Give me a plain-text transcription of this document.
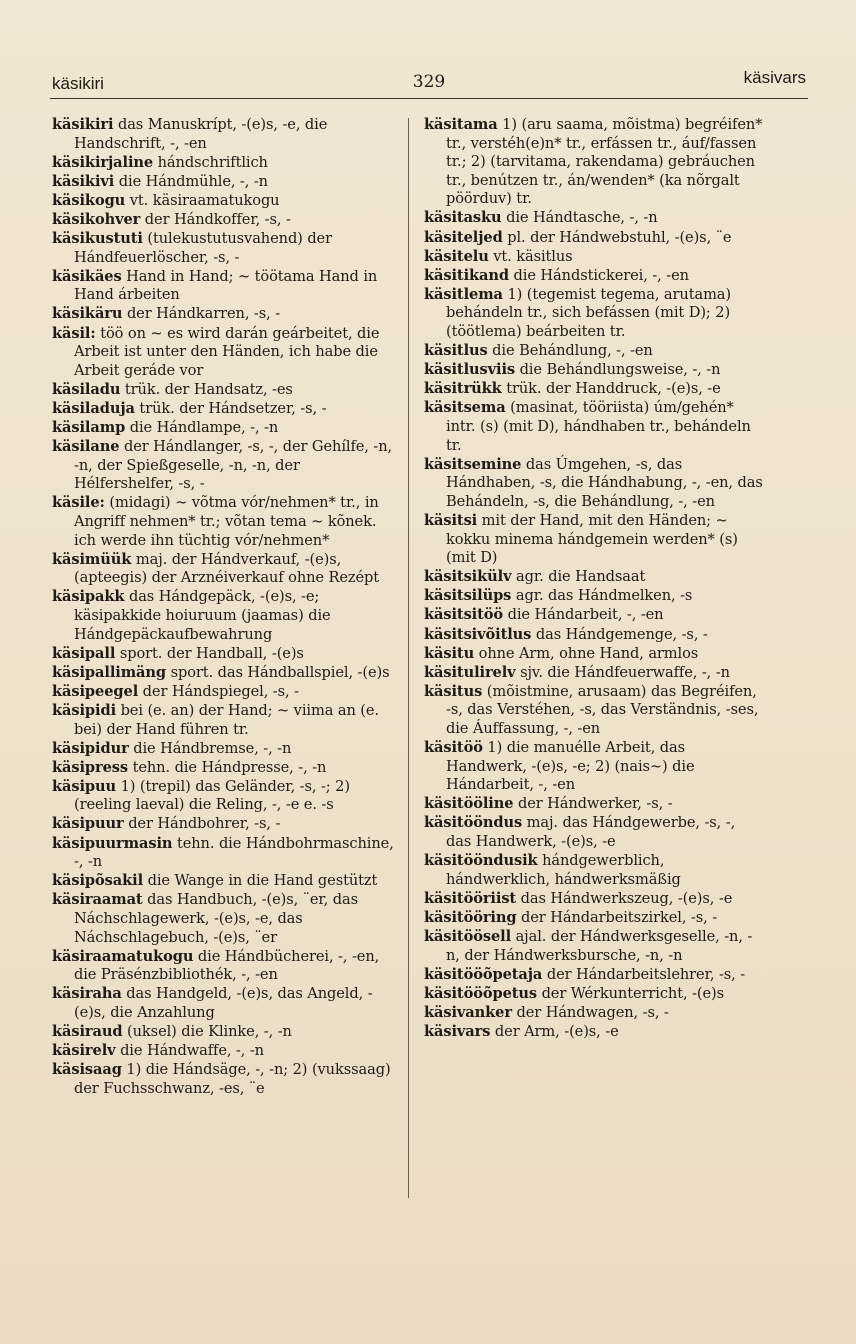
käsikiri	329	käsivars
käsikiri das Manuskrípt, -(e)s, -e, die Handschrift, -, -en
käsikirjaline hándschriftlich
käsikivi die Hándmühle, -, -n
käsikogu vt. käsiraamatukogu
käsikohver der Hándkoffer, -s, -
käsikustuti (tulekustutusvahend) der Hándfeuerlöscher, -s, -
käsikäes Hand in Hand; ~ töötama Hand in Hand árbeiten
käsikäru der Hándkarren, -s, -
käsil: töö on ~ es wird darán geárbeitet, die Arbeit ist unter den Händen, ich habe die Arbeit geráde vor
käsiladu trük. der Handsatz, -es
käsiladuja trük. der Hándsetzer, -s, -
käsilamp die Hándlampe, -, -n
käsilane der Hándlanger, -s, -, der Gehílfe, -n, -n, der Spießgeselle, -n, -n, der Hélfershelfer, -s, -
käsile: (midagi) ~ võtma vór/nehmen* tr., in Angriff nehmen* tr.; võtan tema ~ kõnek. ich werde ihn tüchtig vór/nehmen*
käsimüük maj. der Hándverkauf, -(e)s, (apteegis) der Arznéiverkauf ohne Rezépt
käsipakk das Hándgepäck, -(e)s, -e; käsipakkide hoiuruum (jaamas) die Hándgepäckaufbewahrung
käsipall sport. der Handball, -(e)s
käsipallimäng sport. das Hándballspiel, -(e)s
käsipeegel der Hándspiegel, -s, -
käsipidi bei (e. an) der Hand; ~ viima an (e. bei) der Hand führen tr.
käsipidur die Hándbremse, -, -n
käsipress tehn. die Hándpresse, -, -n
käsipuu 1) (trepil) das Geländer, -s, -; 2) (reeling laeval) die Reling, -, -e e. -s
käsipuur der Hándbohrer, -s, -
käsipuurmasin tehn. die Hándbohrmaschine, -, -n
käsipõsakil die Wange in die Hand gestützt
käsiraamat das Handbuch, -(e)s, ¨er, das Náchschlagewerk, -(e)s, -e, das Náchschlagebuch, -(e)s, ¨er
käsiraamatukogu die Hándbücherei, -, -en, die Präsénzbibliothék, -, -en
käsiraha das Handgeld, -(e)s, das Angeld, -(e)s, die Anzahlung
käsiraud (uksel) die Klinke, -, -n
käsirelv die Hándwaffe, -, -n
käsisaag 1) die Hándsäge, -, -n; 2) (vukssaag) der Fuchsschwanz, -es, ¨e
käsitama 1) (aru saama, mõistma) begréifen* tr., verstéh(e)n* tr., erfássen tr., áuf/fassen tr.; 2) (tarvitama, rakendama) gebráuchen tr., benútzen tr., án/wenden* (ka nõrgalt pöörduv) tr.
käsitasku die Hándtasche, -, -n
käsiteljed pl. der Hándwebstuhl, -(e)s, ¨e
käsitelu vt. käsitlus
käsitikand die Hándstickerei, -, -en
käsitlema 1) (tegemist tegema, arutama) behándeln tr., sich befássen (mit D); 2) (töötlema) beárbeiten tr.
käsitlus die Behándlung, -, -en
käsitlusviis die Behándlungsweise, -, -n
käsitrükk trük. der Handdruck, -(e)s, -e
käsitsema (masinat, tööriista) úm/gehén* intr. (s) (mit D), hándhaben tr., behándeln tr.
käsitsemine das Úmgehen, -s, das Hándhaben, -s, die Hándhabung, -, -en, das Behándeln, -s, die Behándlung, -, -en
käsitsi mit der Hand, mit den Händen; ~ kokku minema hándgemein werden* (s) (mit D)
käsitsikülv agr. die Handsaat
käsitsilüps agr. das Hándmelken, -s
käsitsitöö die Hándarbeit, -, -en
käsitsivõitlus das Hándgemenge, -s, -
käsitu ohne Arm, ohne Hand, armlos
käsitulirelv sjv. die Hándfeuerwaffe, -, -n
käsitus (mõistmine, arusaam) das Begréifen, -s, das Verstéhen, -s, das Verständnis, -ses, die Áuffassung, -, -en
käsitöö 1) die manuélle Arbeit, das Handwerk, -(e)s, -e; 2) (nais~) die Hándarbeit, -, -en
käsitööline der Hándwerker, -s, -
käsitööndus maj. das Hándgewerbe, -s, -, das Handwerk, -(e)s, -e
käsitööndusik hándgewerblich, hándwerklich, hándwerksmäßig
käsitööriist das Hándwerkszeug, -(e)s, -e
käsitööring der Hándarbeitszirkel, -s, -
käsitöösell ajal. der Hándwerksgeselle, -n, -n, der Hándwerksbursche, -n, -n
käsitööõpetaja der Hándarbeitslehrer, -s, -
käsitööõpetus der Wérkunterricht, -(e)s
käsivanker der Hándwagen, -s, -
käsivars der Arm, -(e)s, -e
